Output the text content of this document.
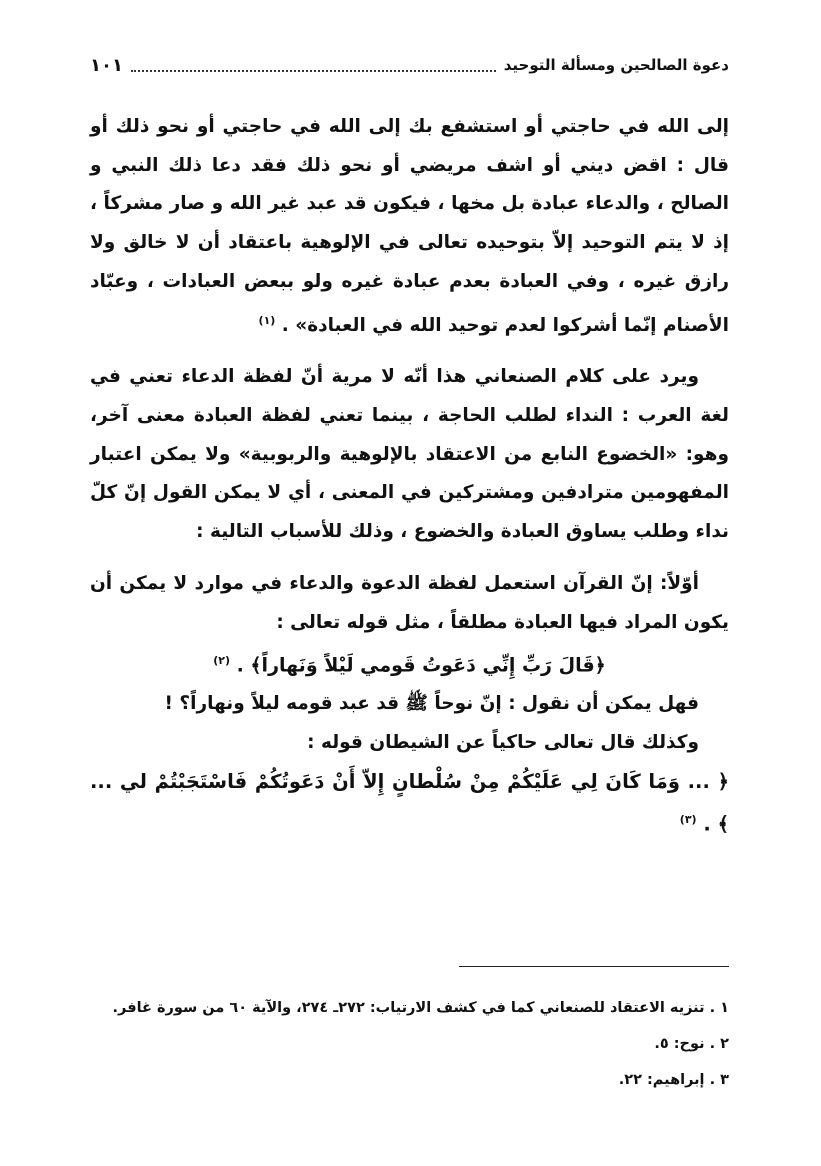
دعوة الصالحين ومسألة التوحيد
١٠١

إلى الله في حاجتي أو استشفع بك إلى الله في حاجتي أو نحو ذلك أو قال : اقض ديني أو اشف مريضي أو نحو ذلك فقد دعا ذلك النبي و الصالح ، والدعاء عبادة بل مخها ، فيكون قد عبد غير الله و صار مشركاً ، إذ لا يتم التوحيد إلاّ بتوحيده تعالى في الإلوهية باعتقاد أن لا خالق ولا رازق غيره ، وفي العبادة بعدم عبادة غيره ولو ببعض العبادات ، وعبّاد الأصنام إنّما أشركوا لعدم توحيد الله في العبادة» . $^{(١)}$

ويرد على كلام الصنعاني هذا أنّه لا مرية أنّ لفظة الدعاء تعني في لغة العرب : النداء لطلب الحاجة ، بينما تعني لفظة العبادة معنى آخر، وهو: «الخضوع النابع من الاعتقاد بالإلوهية والربوبية» ولا يمكن اعتبار المفهومين مترادفين ومشتركين في المعنى ، أي لا يمكن القول إنّ كلّ نداء وطلب يساوق العبادة والخضوع ، وذلك للأسباب التالية :

أوّلاً: إنّ القرآن استعمل لفظة الدعوة والدعاء في موارد لا يمكن أن يكون المراد فيها العبادة مطلقاً ، مثل قوله تعالى :

﴿قَالَ رَبِّ إِنِّي دَعَوتُ قَومي لَيْلاً وَنَهاراً﴾ . $^{(٢)}$

فهل يمكن أن نقول : إنّ نوحاً ﷺ قد عبد قومه ليلاً ونهاراً؟ !

وكذلك قال تعالى حاكياً عن الشيطان قوله :

﴿ ... وَمَا كَانَ لِي عَلَيْكُمْ مِنْ سُلْطانٍ إِلاّ أَنْ دَعَوتُكُمْ فَاسْتَجَبْتُمْ لي ... ﴾ . $^{(٣)}$

١ . تنزيه الاعتقاد للصنعاني كما في كشف الارتياب: ٢٧٢ـ ٢٧٤، والآية ٦٠ من سورة غافر.

٢ . نوح: ٥.

٣ . إبراهيم: ٢٢.
